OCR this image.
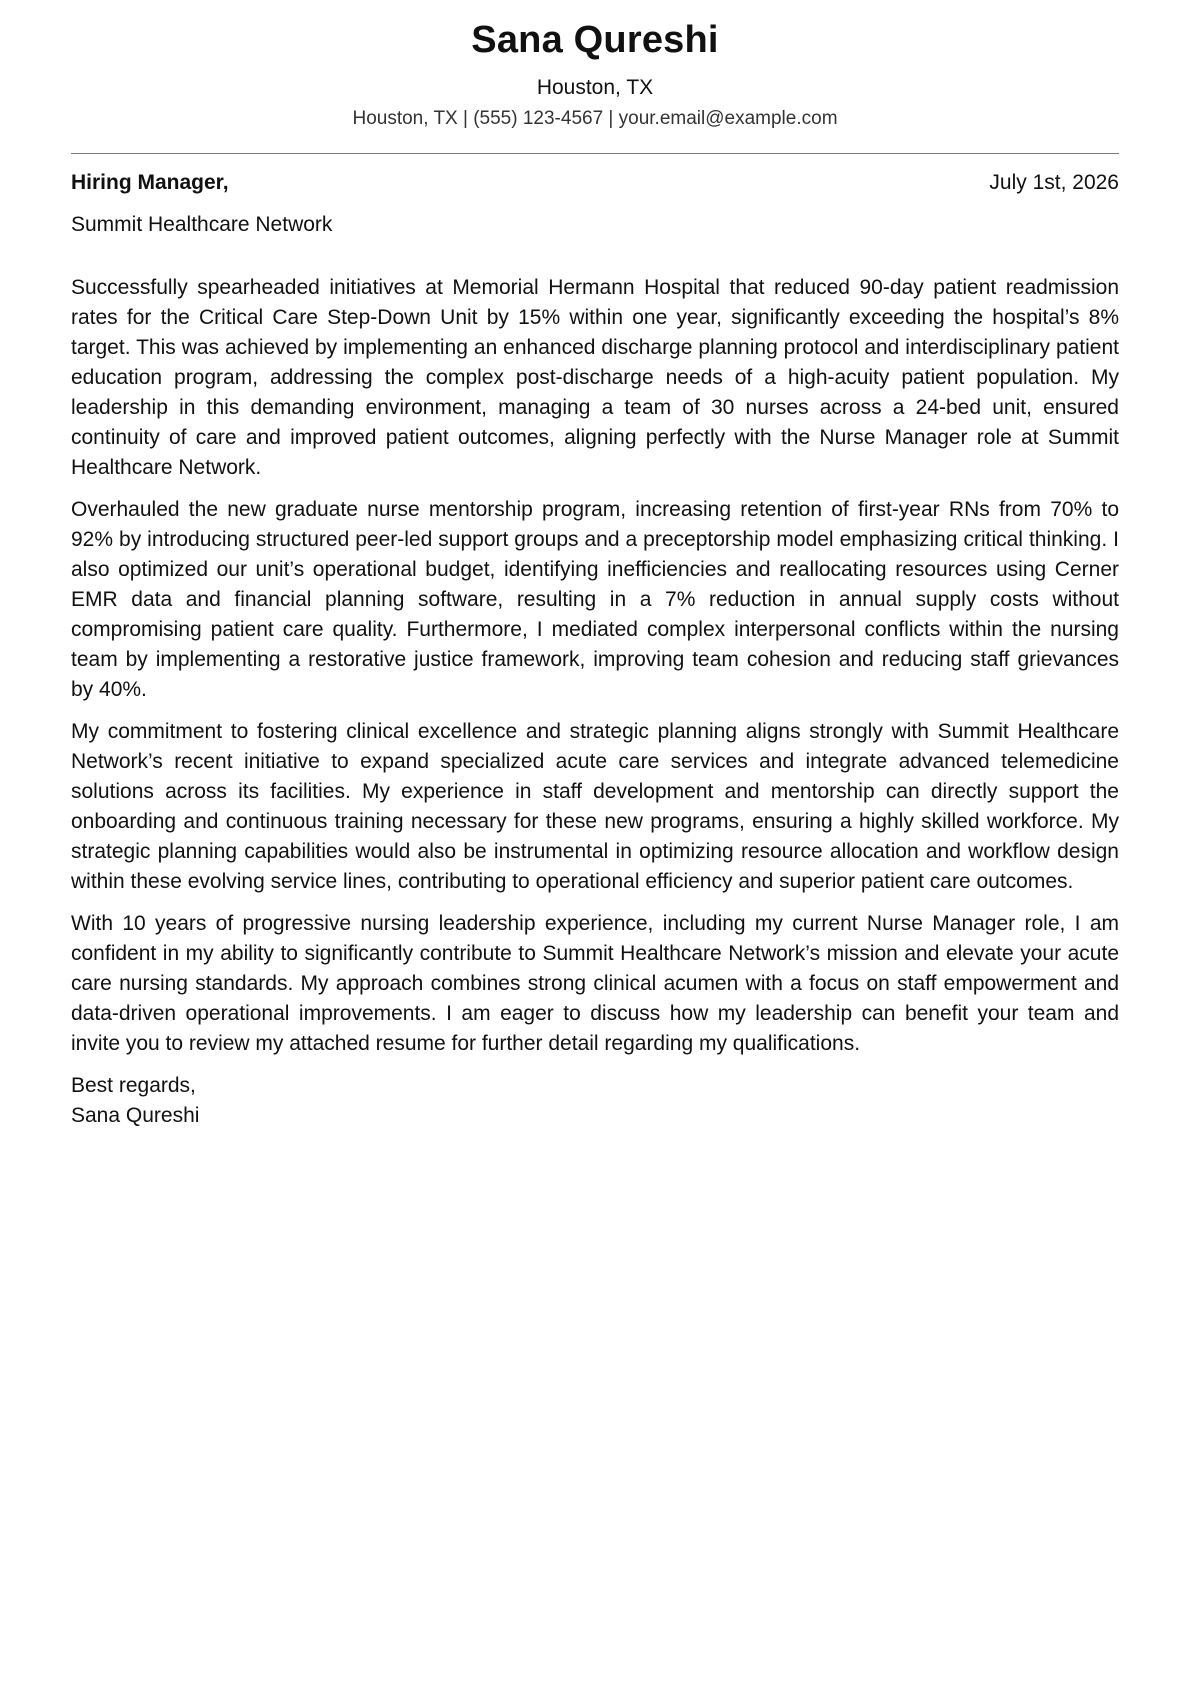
Sana Qureshi
Houston, TX
Houston, TX | (555) 123-4567 | your.email@example.com
Hiring Manager,	July 1st, 2026
Summit Healthcare Network

Successfully spearheaded initiatives at Memorial Hermann Hospital that reduced 90-day patient readmission rates for the Critical Care Step-Down Unit by 15% within one year, significantly exceeding the hospital’s 8% target. This was achieved by implementing an enhanced discharge planning protocol and interdisciplinary patient education program, addressing the complex post-discharge needs of a high-acuity patient population. My leadership in this demanding environment, managing a team of 30 nurses across a 24-bed unit, ensured continuity of care and improved patient outcomes, aligning perfectly with the Nurse Manager role at Summit Healthcare Network.

Overhauled the new graduate nurse mentorship program, increasing retention of first-year RNs from 70% to 92% by introducing structured peer-led support groups and a preceptorship model emphasizing critical thinking. I also optimized our unit’s operational budget, identifying inefficiencies and reallocating resources using Cerner EMR data and financial planning software, resulting in a 7% reduction in annual supply costs without compromising patient care quality. Furthermore, I mediated complex interpersonal conflicts within the nursing team by implementing a restorative justice framework, improving team cohesion and reducing staff grievances by 40%.

My commitment to fostering clinical excellence and strategic planning aligns strongly with Summit Healthcare Network’s recent initiative to expand specialized acute care services and integrate advanced telemedicine solutions across its facilities. My experience in staff development and mentorship can directly support the onboarding and continuous training necessary for these new programs, ensuring a highly skilled workforce. My strategic planning capabilities would also be instrumental in optimizing resource allocation and workflow design within these evolving service lines, contributing to operational efficiency and superior patient care outcomes.

With 10 years of progressive nursing leadership experience, including my current Nurse Manager role, I am confident in my ability to significantly contribute to Summit Healthcare Network’s mission and elevate your acute care nursing standards. My approach combines strong clinical acumen with a focus on staff empowerment and data-driven operational improvements. I am eager to discuss how my leadership can benefit your team and invite you to review my attached resume for further detail regarding my qualifications.

Best regards,
Sana Qureshi
